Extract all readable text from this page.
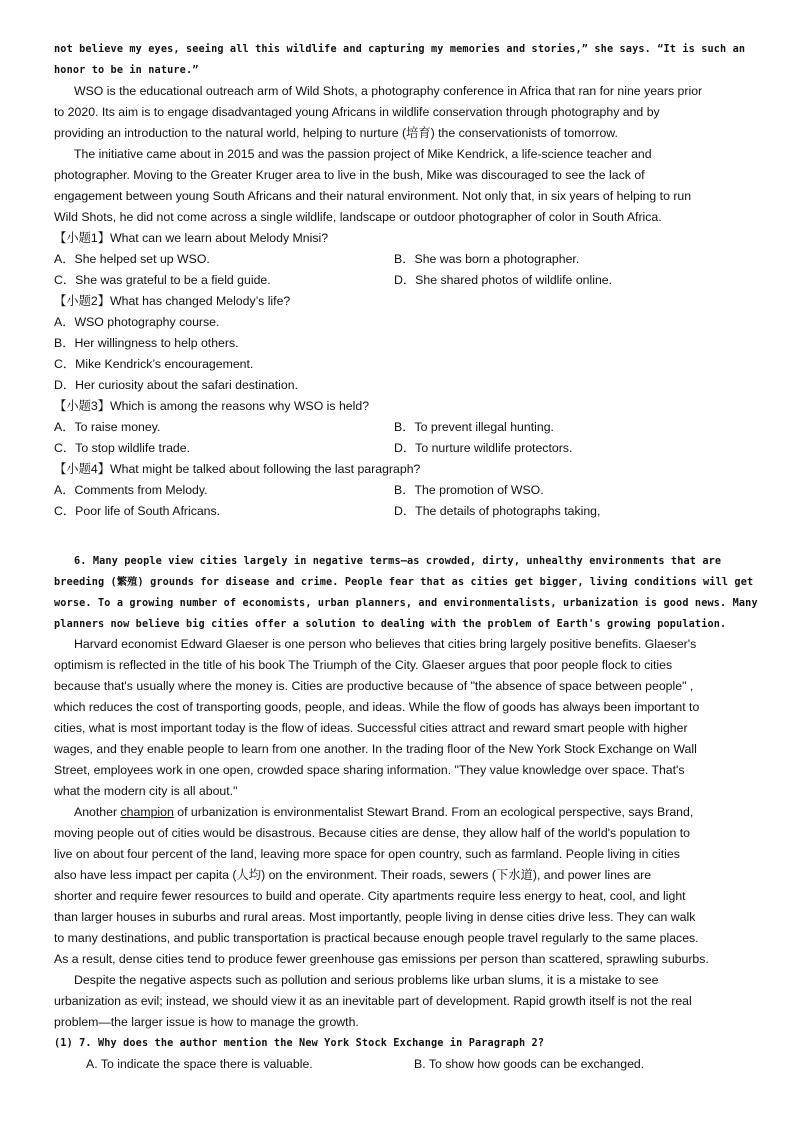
not believe my eyes, seeing all this wildlife and capturing my memories and stories,” she says. “It is such an
honor to be in nature.”
WSO is the educational outreach arm of Wild Shots, a photography conference in Africa that ran for nine years prior
to 2020. Its aim is to engage disadvantaged young Africans in wildlife conservation through photography and by
providing an introduction to the natural world, helping to nurture (培育) the conservationists of tomorrow.
The initiative came about in 2015 and was the passion project of Mike Kendrick, a life-science teacher and
photographer. Moving to the Greater Kruger area to live in the bush, Mike was discouraged to see the lack of
engagement between young South Africans and their natural environment. Not only that, in six years of helping to run
Wild Shots, he did not come across a single wildlife, landscape or outdoor photographer of color in South Africa.
【小题1】What can we learn about Melody Mnisi?
A．She helped set up WSO.	B．She was born a photographer.
C．She was grateful to be a field guide.	D．She shared photos of wildlife online.
【小题2】What has changed Melody’s life?
A．WSO photography course.
B．Her willingness to help others.
C．Mike Kendrick’s encouragement.
D．Her curiosity about the safari destination.
【小题3】Which is among the reasons why WSO is held?
A．To raise money.	B．To prevent illegal hunting.
C．To stop wildlife trade.	D．To nurture wildlife protectors.
【小题4】What might be talked about following the last paragraph?
A．Comments from Melody.	B．The promotion of WSO.
C．Poor life of South Africans.	D．The details of photographs taking,
6. Many people view cities largely in negative terms—as crowded, dirty, unhealthy environments that are
breeding (繁殖) grounds for disease and crime. People fear that as cities get bigger, living conditions will get
worse. To a growing number of economists, urban planners, and environmentalists, urbanization is good news. Many
planners now believe big cities offer a solution to dealing with the problem of Earth's growing population.
Harvard economist Edward Glaeser is one person who believes that cities bring largely positive benefits. Glaeser's
optimism is reflected in the title of his book The Triumph of the City. Glaeser argues that poor people flock to cities
because that's usually where the money is. Cities are productive because of "the absence of space between people" ,
which reduces the cost of transporting goods, people, and ideas. While the flow of goods has always been important to
cities, what is most important today is the flow of ideas. Successful cities attract and reward smart people with higher
wages, and they enable people to learn from one another. In the trading floor of the New York Stock Exchange on Wall
Street, employees work in one open, crowded space sharing information. "They value knowledge over space. That's
what the modern city is all about."
Another champion of urbanization is environmentalist Stewart Brand. From an ecological perspective, says Brand,
moving people out of cities would be disastrous. Because cities are dense, they allow half of the world's population to
live on about four percent of the land, leaving more space for open country, such as farmland. People living in cities
also have less impact per capita (人均) on the environment. Their roads, sewers (下水道), and power lines are
shorter and require fewer resources to build and operate. City apartments require less energy to heat, cool, and light
than larger houses in suburbs and rural areas. Most importantly, people living in dense cities drive less. They can walk
to many destinations, and public transportation is practical because enough people travel regularly to the same places.
As a result, dense cities tend to produce fewer greenhouse gas emissions per person than scattered, sprawling suburbs.
Despite the negative aspects such as pollution and serious problems like urban slums, it is a mistake to see
urbanization as evil; instead, we should view it as an inevitable part of development. Rapid growth itself is not the real
problem—the larger issue is how to manage the growth.
(1) 7. Why does the author mention the New York Stock Exchange in Paragraph 2?
A. To indicate the space there is valuable.	B. To show how goods can be exchanged.
